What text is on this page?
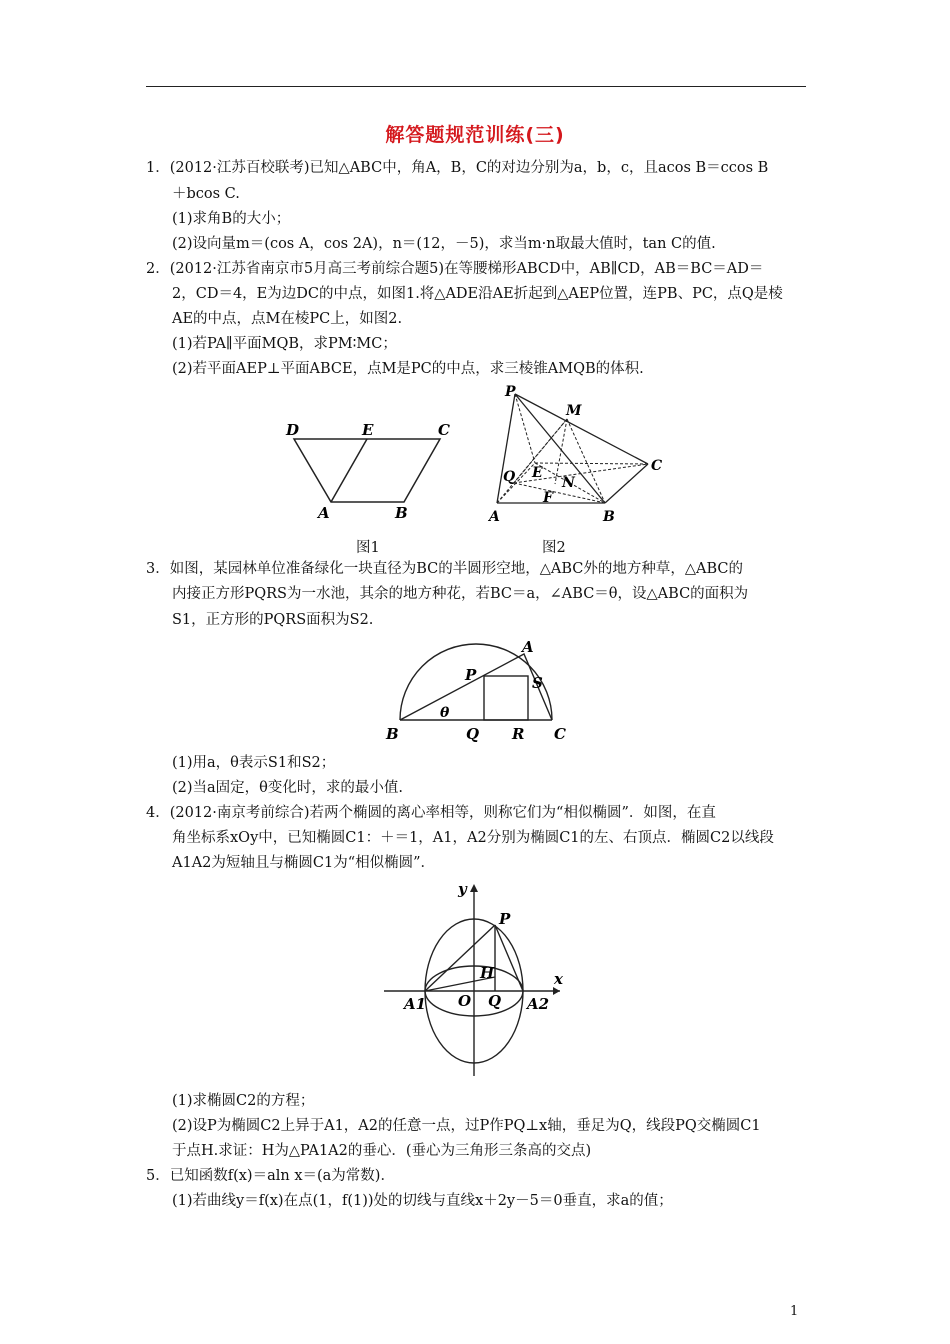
解答题规范训练(三)
1．(2012·江苏百校联考)已知△ABC中，角A，B，C的对边分别为a，b，c，且acos B＝ccos B
＋bcos C.
(1)求角B的大小；
(2)设向量m＝(cos A，cos 2A)，n＝(12，－5)，求当m·n取最大值时，tan C的值.
2．(2012·江苏省南京市5月高三考前综合题5)在等腰梯形ABCD中，AB∥CD，AB＝BC＝AD＝
2，CD＝4，E为边DC的中点，如图1.将△ADE沿AE折起到△AEP位置，连PB、PC，点Q是棱
AE的中点，点M在棱PC上，如图2.
(1)若PA∥平面MQB，求PM∶MC；
(2)若平面AEP⊥平面ABCE，点M是PC的中点，求三棱锥AMQB的体积.
D	E	C
A	B
图1
P
M
C
Q E
N
F
A	B
图2
3．如图，某园林单位准备绿化一块直径为BC的半圆形空地，△ABC外的地方种草，△ABC的
内接正方形PQRS为一水池，其余的地方种花，若BC＝a，∠ABC＝θ，设△ABC的面积为
S1，正方形的PQRS面积为S2.
A
P	S
θ
B	Q R C
(1)用a，θ表示S1和S2；
(2)当a固定，θ变化时，求的最小值.
4．(2012·南京考前综合)若两个椭圆的离心率相等，则称它们为“相似椭圆”．如图，在直
角坐标系xOy中，已知椭圆C1：＋＝1，A1，A2分别为椭圆C1的左、右顶点．椭圆C2以线段
A1A2为短轴且与椭圆C1为“相似椭圆”．
y
P
H
A1 O Q A2
x
(1)求椭圆C2的方程；
(2)设P为椭圆C2上异于A1，A2的任意一点，过P作PQ⊥x轴，垂足为Q，线段PQ交椭圆C1
于点H.求证：H为△PA1A2的垂心．(垂心为三角形三条高的交点)
5．已知函数f(x)＝aln x＝(a为常数)．
(1)若曲线y＝f(x)在点(1，f(1))处的切线与直线x＋2y－5＝0垂直，求a的值；
1
